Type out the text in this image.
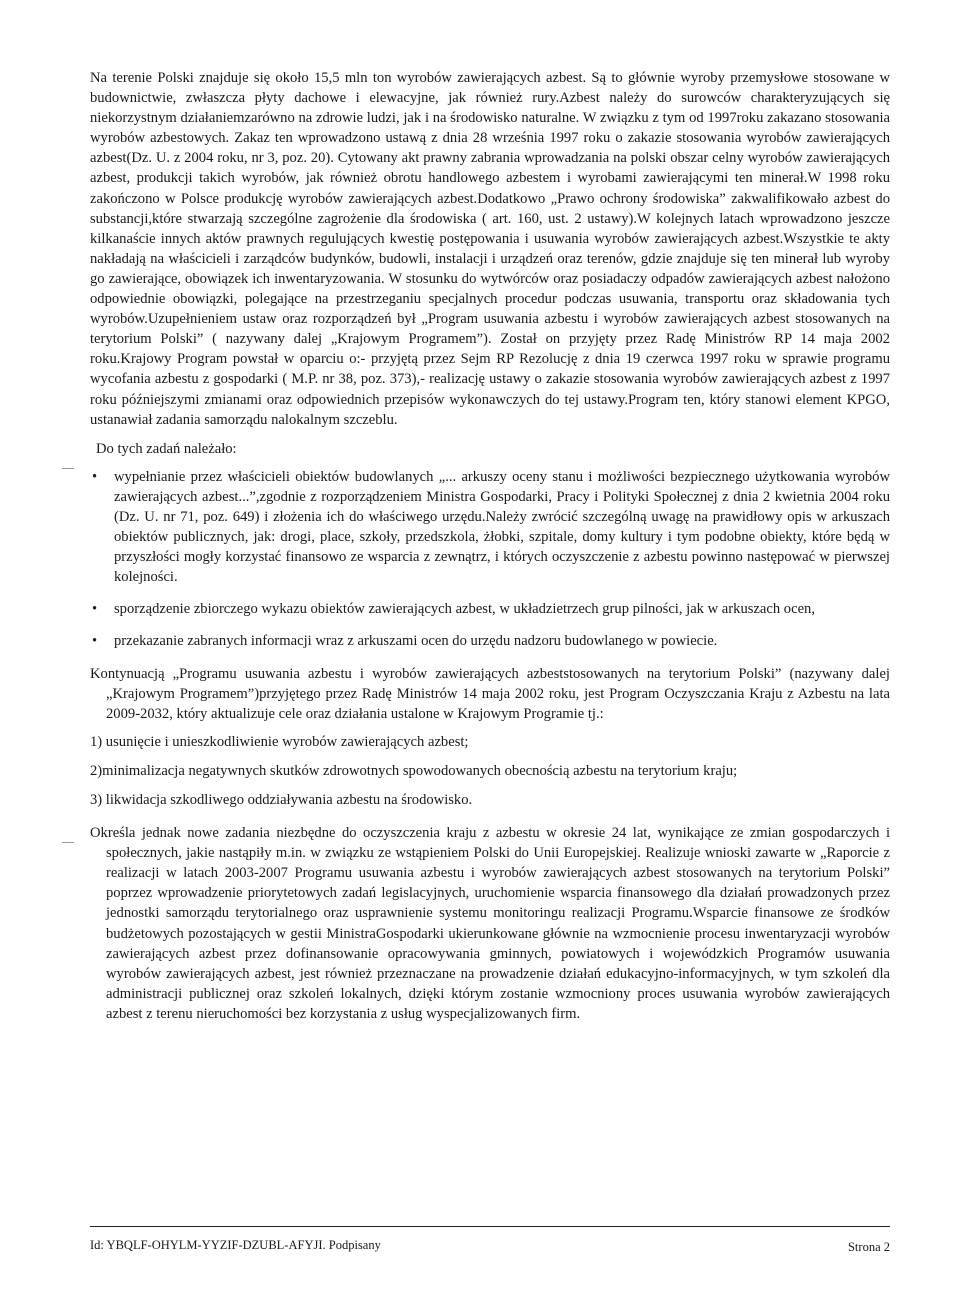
Na terenie Polski znajduje się około 15,5 mln ton wyrobów zawierających azbest. Są to głównie wyroby przemysłowe stosowane w budownictwie, zwłaszcza płyty dachowe i elewacyjne, jak również rury.Azbest należy do surowców charakteryzujących się niekorzystnym działaniemzarówno na zdrowie ludzi, jak i na środowisko naturalne. W związku z tym od 1997roku zakazano stosowania wyrobów azbestowych. Zakaz ten wprowadzono ustawą z dnia 28 września 1997 roku o zakazie stosowania wyrobów zawierających azbest(Dz. U. z 2004 roku, nr 3, poz. 20). Cytowany akt prawny zabrania wprowadzania na polski obszar celny wyrobów zawierających azbest, produkcji takich wyrobów, jak również obrotu handlowego azbestem i wyrobami zawierającymi ten minerał.W 1998 roku zakończono w Polsce produkcję wyrobów zawierających azbest.Dodatkowo „Prawo ochrony środowiska” zakwalifikowało azbest do substancji,które stwarzają szczególne zagrożenie dla środowiska ( art. 160, ust. 2 ustawy).W kolejnych latach wprowadzono jeszcze kilkanaście innych aktów prawnych regulujących kwestię postępowania i usuwania wyrobów zawierających azbest.Wszystkie te akty nakładają na właścicieli i zarządców budynków, budowli, instalacji i urządzeń oraz terenów, gdzie znajduje się ten minerał lub wyroby go zawierające, obowiązek ich inwentaryzowania. W stosunku do wytwórców oraz posiadaczy odpadów zawierających azbest nałożono odpowiednie obowiązki, polegające na przestrzeganiu specjalnych procedur podczas usuwania, transportu oraz składowania tych wyrobów.Uzupełnieniem ustaw oraz rozporządzeń był „Program usuwania azbestu i wyrobów zawierających azbest stosowanych na terytorium Polski” ( nazywany dalej „Krajowym Programem”). Został on przyjęty przez Radę Ministrów RP 14 maja 2002 roku.Krajowy Program powstał w oparciu o:- przyjętą przez Sejm RP Rezolucję z dnia 19 czerwca 1997 roku w sprawie programu wycofania azbestu z gospodarki ( M.P. nr 38, poz. 373),- realizację ustawy o zakazie stosowania wyrobów zawierających azbest z 1997 roku późniejszymi zmianami oraz odpowiednich przepisów wykonawczych do tej ustawy.Program ten, który stanowi element KPGO, ustanawiał zadania samorządu nalokalnym szczeblu.

Do tych zadań należało:

• wypełnianie przez właścicieli obiektów budowlanych „... arkuszy oceny stanu i możliwości bezpiecznego użytkowania wyrobów zawierających azbest...”,zgodnie z rozporządzeniem Ministra Gospodarki, Pracy i Polityki Społecznej z dnia 2 kwietnia 2004 roku (Dz. U. nr 71, poz. 649) i złożenia ich do właściwego urzędu.Należy zwrócić szczególną uwagę na prawidłowy opis w arkuszach obiektów publicznych, jak: drogi, place, szkoły, przedszkola, żłobki, szpitale, domy kultury i tym podobne obiekty, które będą w przyszłości mogły korzystać finansowo ze wsparcia z zewnątrz, i których oczyszczenie z azbestu powinno następować w pierwszej kolejności.
• sporządzenie zbiorczego wykazu obiektów zawierających azbest, w układzietrzech grup pilności, jak w arkuszach ocen,
• przekazanie zabranych informacji wraz z arkuszami ocen do urzędu nadzoru budowlanego w powiecie.

Kontynuacją „Programu usuwania azbestu i wyrobów zawierających azbeststosowanych na terytorium Polski” (nazywany dalej „Krajowym Programem”)przyjętego przez Radę Ministrów 14 maja 2002 roku, jest Program Oczyszczania Kraju z Azbestu na lata 2009-2032, który aktualizuje cele oraz działania ustalone w Krajowym Programie tj.:

1) usunięcie i unieszkodliwienie wyrobów zawierających azbest;

2)minimalizacja negatywnych skutków zdrowotnych spowodowanych obecnością azbestu na terytorium kraju;

3) likwidacja szkodliwego oddziaływania azbestu na środowisko.

Określa jednak nowe zadania niezbędne do oczyszczenia kraju z azbestu w okresie 24 lat, wynikające ze zmian gospodarczych i społecznych, jakie nastąpiły m.in. w związku ze wstąpieniem Polski do Unii Europejskiej. Realizuje wnioski zawarte w „Raporcie z realizacji w latach 2003-2007 Programu usuwania azbestu i wyrobów zawierających azbest stosowanych na terytorium Polski” poprzez wprowadzenie priorytetowych zadań legislacyjnych, uruchomienie wsparcia finansowego dla działań prowadzonych przez jednostki samorządu terytorialnego oraz usprawnienie systemu monitoringu realizacji Programu.Wsparcie finansowe ze środków budżetowych pozostających w gestii MinistraGospodarki ukierunkowane głównie na wzmocnienie procesu inwentaryzacji wyrobów zawierających azbest przez dofinansowanie opracowywania gminnych, powiatowych i wojewódzkich Programów usuwania wyrobów zawierających azbest, jest również przeznaczane na prowadzenie działań edukacyjno-informacyjnych, w tym szkoleń dla administracji publicznej oraz szkoleń lokalnych, dzięki którym zostanie wzmocniony proces usuwania wyrobów zawierających azbest z terenu nieruchomości bez korzystania z usług wyspecjalizowanych firm.

Id: YBQLF-OHYLM-YYZIF-DZUBL-AFYJI. Podpisany	Strona 2
